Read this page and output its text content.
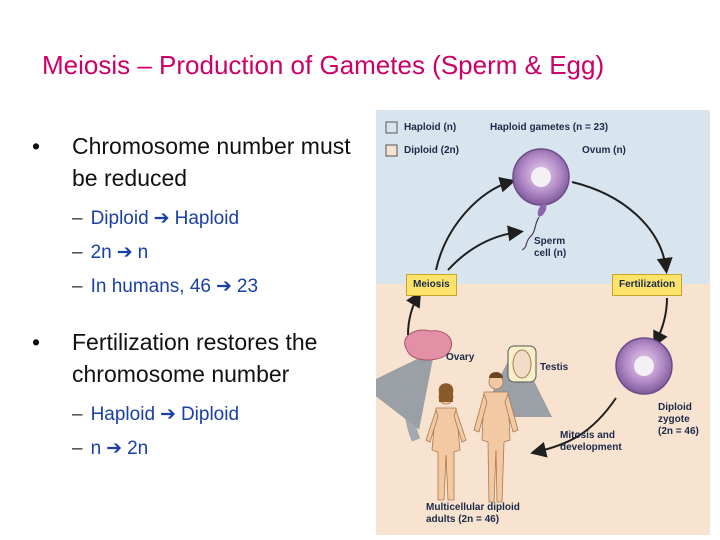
Meiosis – Production of Gametes (Sperm & Egg)
• Chromosome number must be reduced
– Diploid ➔ Haploid
– 2n ➔ n
– In humans, 46 ➔ 23
• Fertilization restores the chromosome number
– Haploid ➔ Diploid
– n ➔ 2n
Haploid (n)
Diploid (2n)
Haploid gametes (n = 23)
Ovum (n)
Sperm
cell (n)
Meiosis	Fertilization
Ovary
Testis
Diploid
zygote
(2n = 46)
Mitosis and
development
Multicellular diploid
adults (2n = 46)
